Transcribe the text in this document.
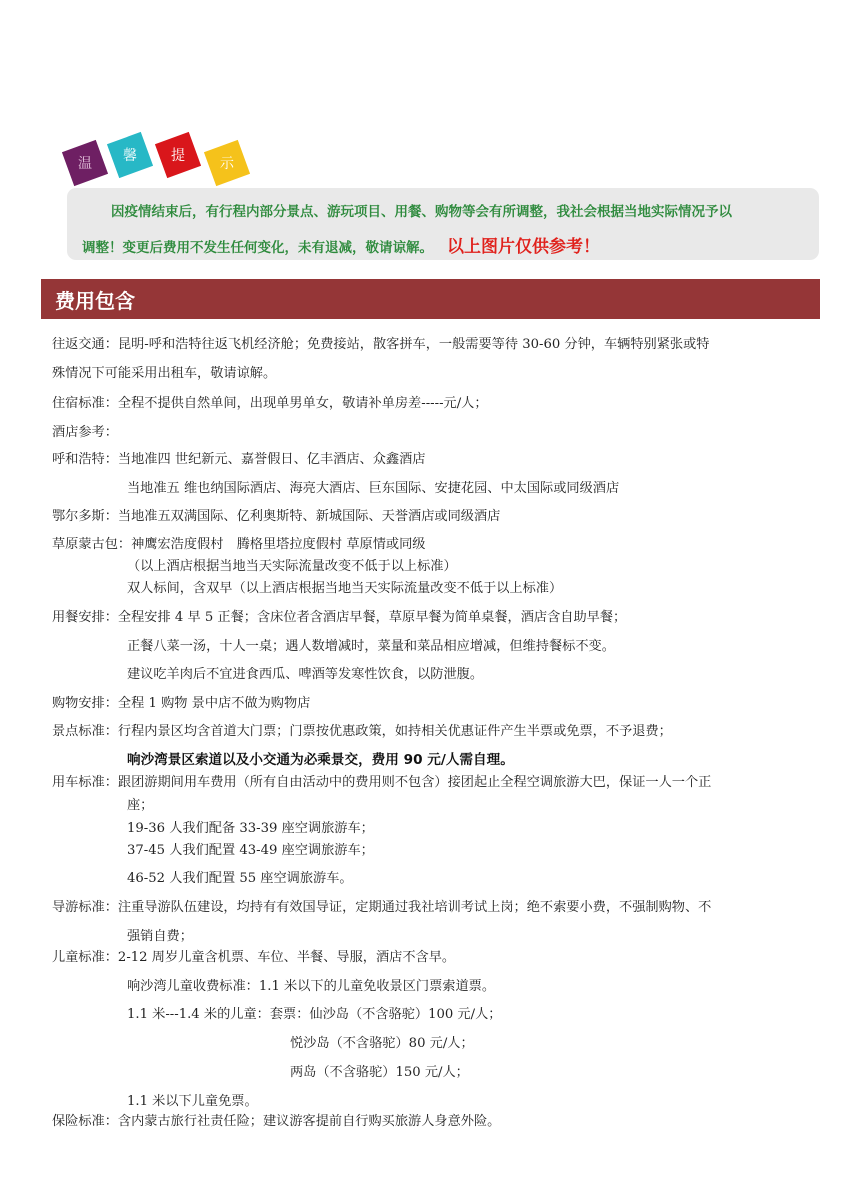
温 馨 提	示
因疫情结束后，有行程内部分景点、游玩项目、用餐、购物等会有所调整，我社会根据当地实际情况予以
调整！变更后费用不发生任何变化，未有退减，敬请谅解。 以上图片仅供参考！
费用包含
往返交通：昆明-呼和浩特往返飞机经济舱；免费接站，散客拼车，一般需要等待 30-60 分钟，车辆特别紧张或特
殊情况下可能采用出租车，敬请谅解。
住宿标准：全程不提供自然单间，出现单男单女，敬请补单房差-----元/人；
酒店参考：
呼和浩特：当地准四 世纪新元、嘉誉假日、亿丰酒店、众鑫酒店
当地准五 维也纳国际酒店、海亮大酒店、巨东国际、安捷花园、中太国际或同级酒店
鄂尔多斯：当地准五双满国际、亿利奥斯特、新城国际、天誉酒店或同级酒店
草原蒙古包：神鹰宏浩度假村　腾格里塔拉度假村 草原情或同级
（以上酒店根据当地当天实际流量改变不低于以上标准）
双人标间，含双早（以上酒店根据当地当天实际流量改变不低于以上标准）
用餐安排：全程安排 4 早 5 正餐；含床位者含酒店早餐，草原早餐为简单桌餐，酒店含自助早餐；
正餐八菜一汤，十人一桌；遇人数增减时，菜量和菜品相应增减，但维持餐标不变。
建议吃羊肉后不宜进食西瓜、啤酒等发寒性饮食，以防泄腹。
购物安排：全程 1 购物 景中店不做为购物店
景点标准：行程内景区均含首道大门票；门票按优惠政策，如持相关优惠证件产生半票或免票，不予退费；
响沙湾景区索道以及小交通为必乘景交，费用 90 元/人需自理。
用车标准：跟团游期间用车费用（所有自由活动中的费用则不包含）接团起止全程空调旅游大巴，保证一人一个正
座；
19-36 人我们配备 33-39 座空调旅游车；
37-45 人我们配置 43-49 座空调旅游车；
46-52 人我们配置 55 座空调旅游车。
导游标准：注重导游队伍建设，均持有有效国导证，定期通过我社培训考试上岗；绝不索要小费，不强制购物、不
强销自费；
儿童标准：2-12 周岁儿童含机票、车位、半餐、导服，酒店不含早。
响沙湾儿童收费标准：1.1 米以下的儿童免收景区门票索道票。
1.1 米---1.4 米的儿童：套票：仙沙岛（不含骆驼）100 元/人；
悦沙岛（不含骆驼）80 元/人；
两岛（不含骆驼）150 元/人；
1.1 米以下儿童免票。
保险标准：含内蒙古旅行社责任险；建议游客提前自行购买旅游人身意外险。
